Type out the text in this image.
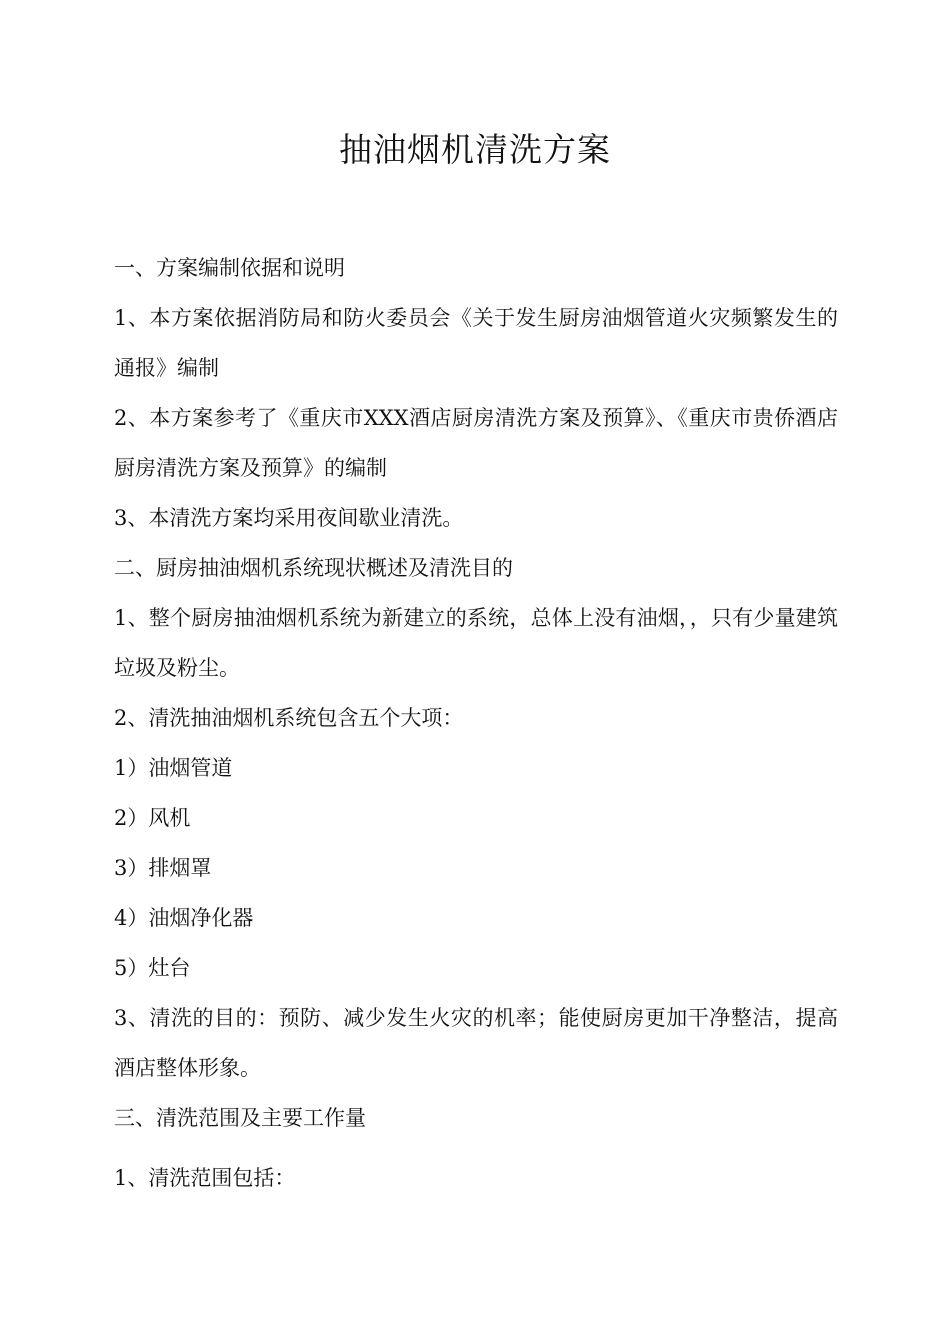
抽油烟机清洗方案

一、方案编制依据和说明

1、本方案依据消防局和防火委员会《关于发生厨房油烟管道火灾频繁发生的通报》编制

2、本方案参考了《重庆市XXX酒店厨房清洗方案及预算》、《重庆市贵侨酒店厨房清洗方案及预算》的编制

3、本清洗方案均采用夜间歇业清洗。

二、厨房抽油烟机系统现状概述及清洗目的

1、整个厨房抽油烟机系统为新建立的系统，总体上没有油烟，，只有少量建筑垃圾及粉尘。

2、清洗抽油烟机系统包含五个大项：

1）油烟管道

2）风机

3）排烟罩

4）油烟净化器

5）灶台

3、清洗的目的：预防、减少发生火灾的机率；能使厨房更加干净整洁，提高酒店整体形象。

三、清洗范围及主要工作量

1、清洗范围包括：
